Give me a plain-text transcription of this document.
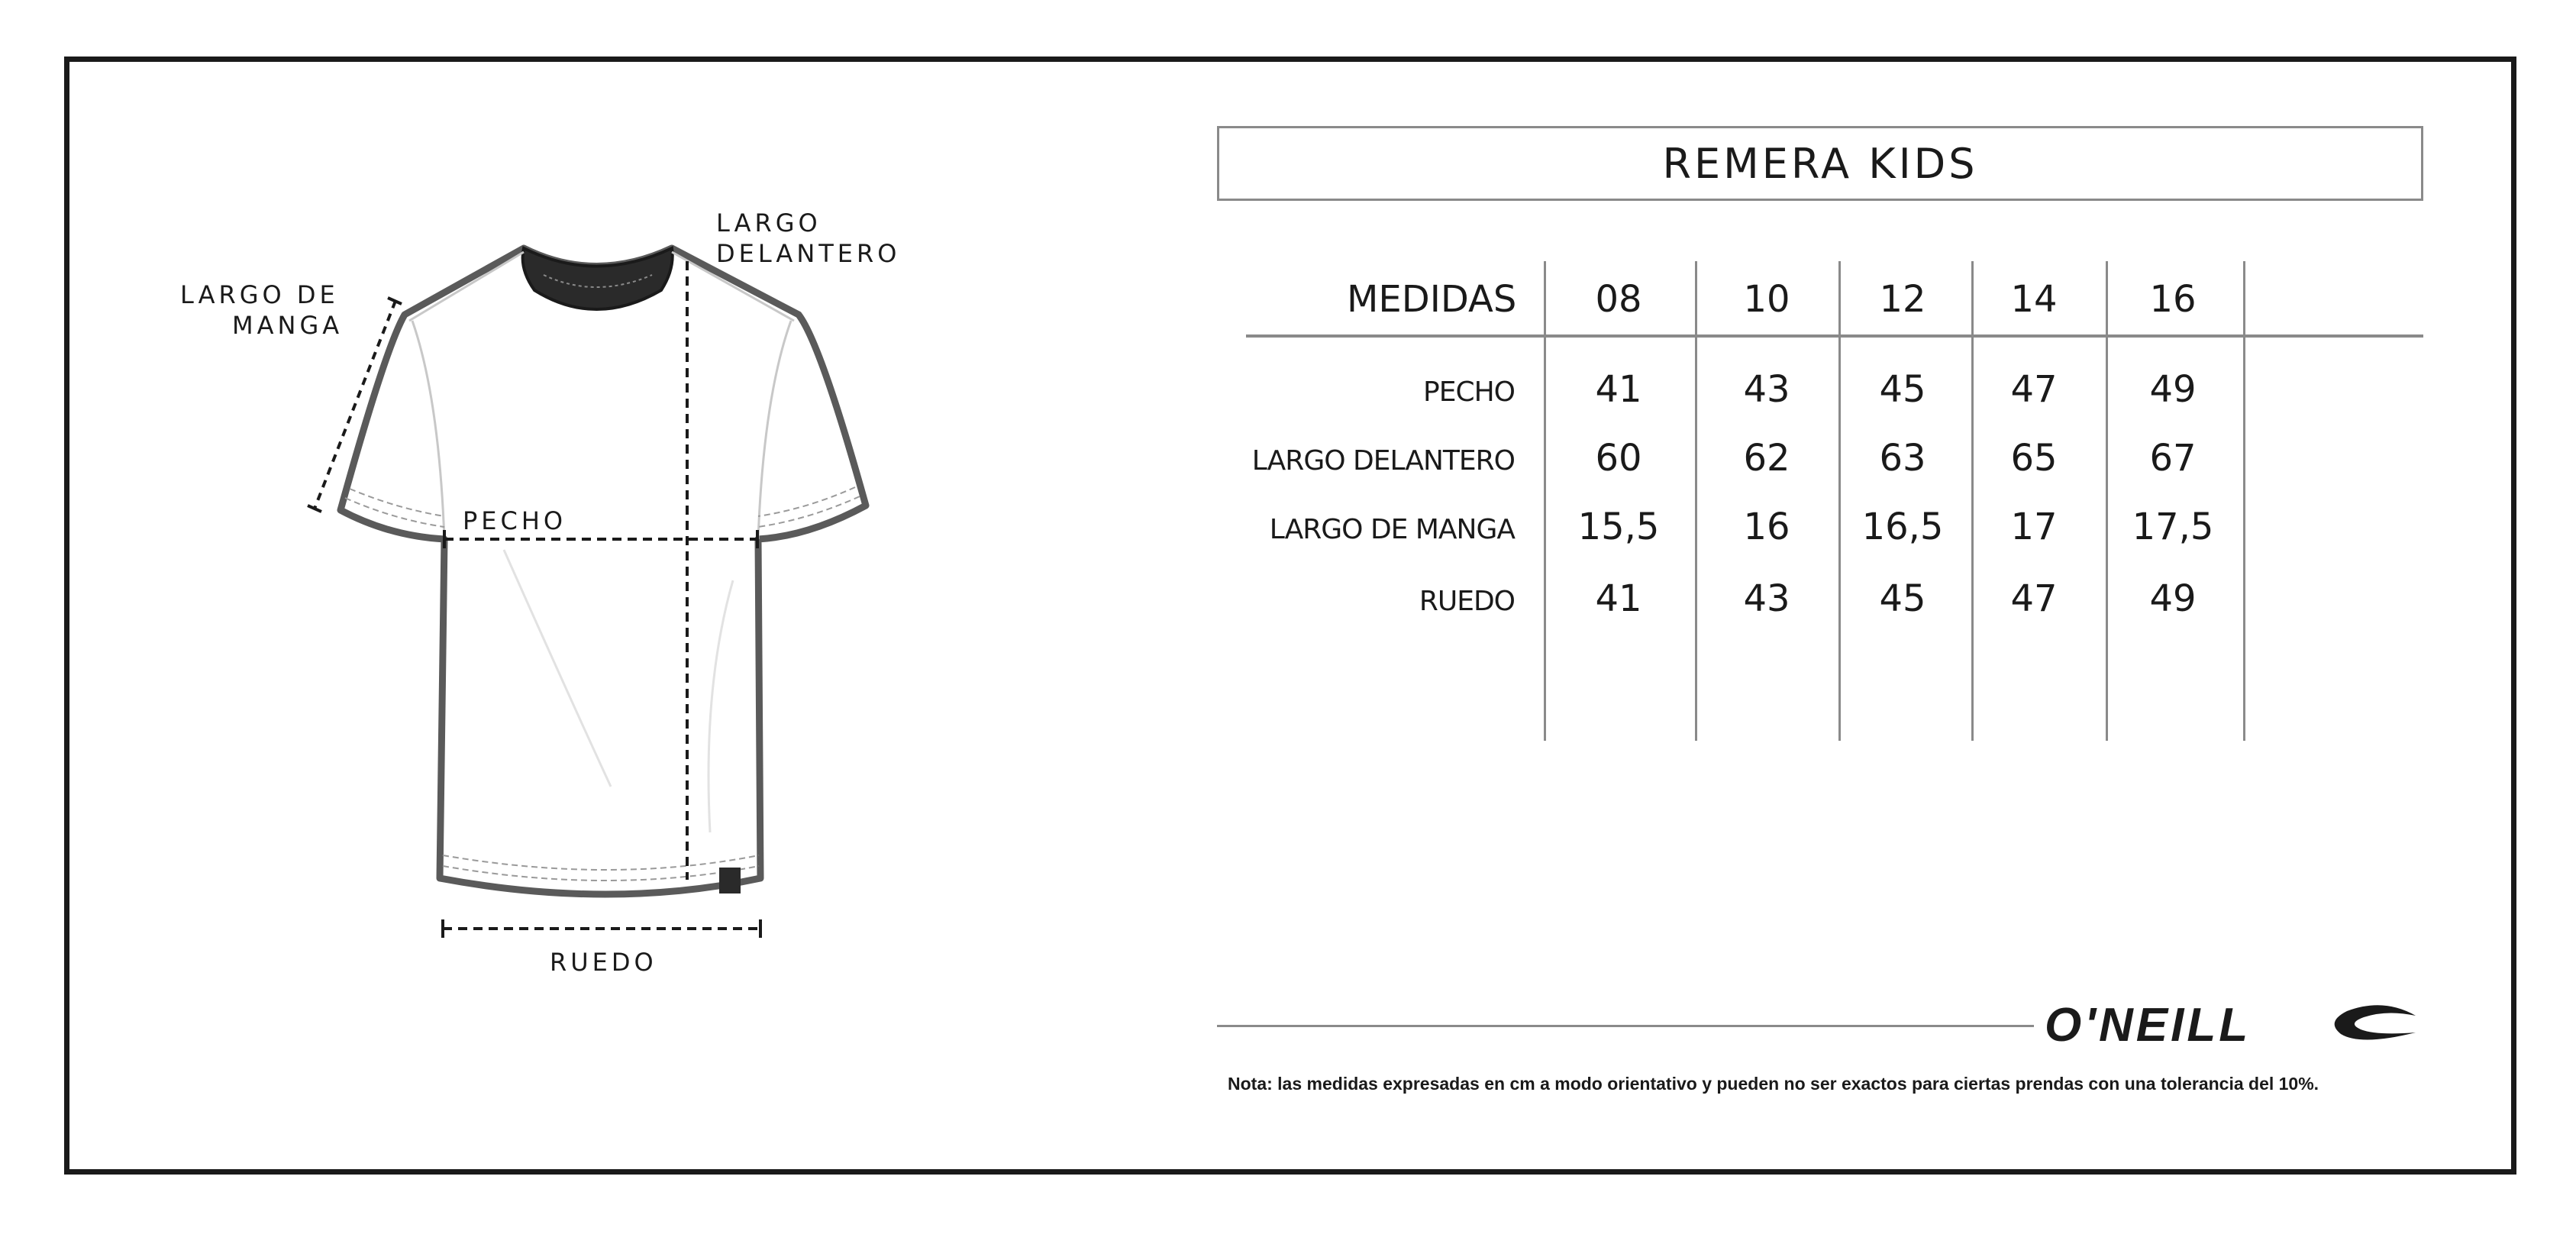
LARGO DE
MANGA
LARGO
DELANTERO
PECHO
RUEDO
REMERA KIDS
MEDIDAS	08	10	12	14	16
PECHO	41	43	45	47	49
LARGO DELANTERO	60	62	63	65	67
LARGO DE MANGA	15,5	16	16,5	17	17,5
RUEDO	41	43	45	47	49
O'NEILL
Nota: las medidas expresadas en cm a modo orientativo y pueden no ser exactos para ciertas prendas con una tolerancia del 10%.
